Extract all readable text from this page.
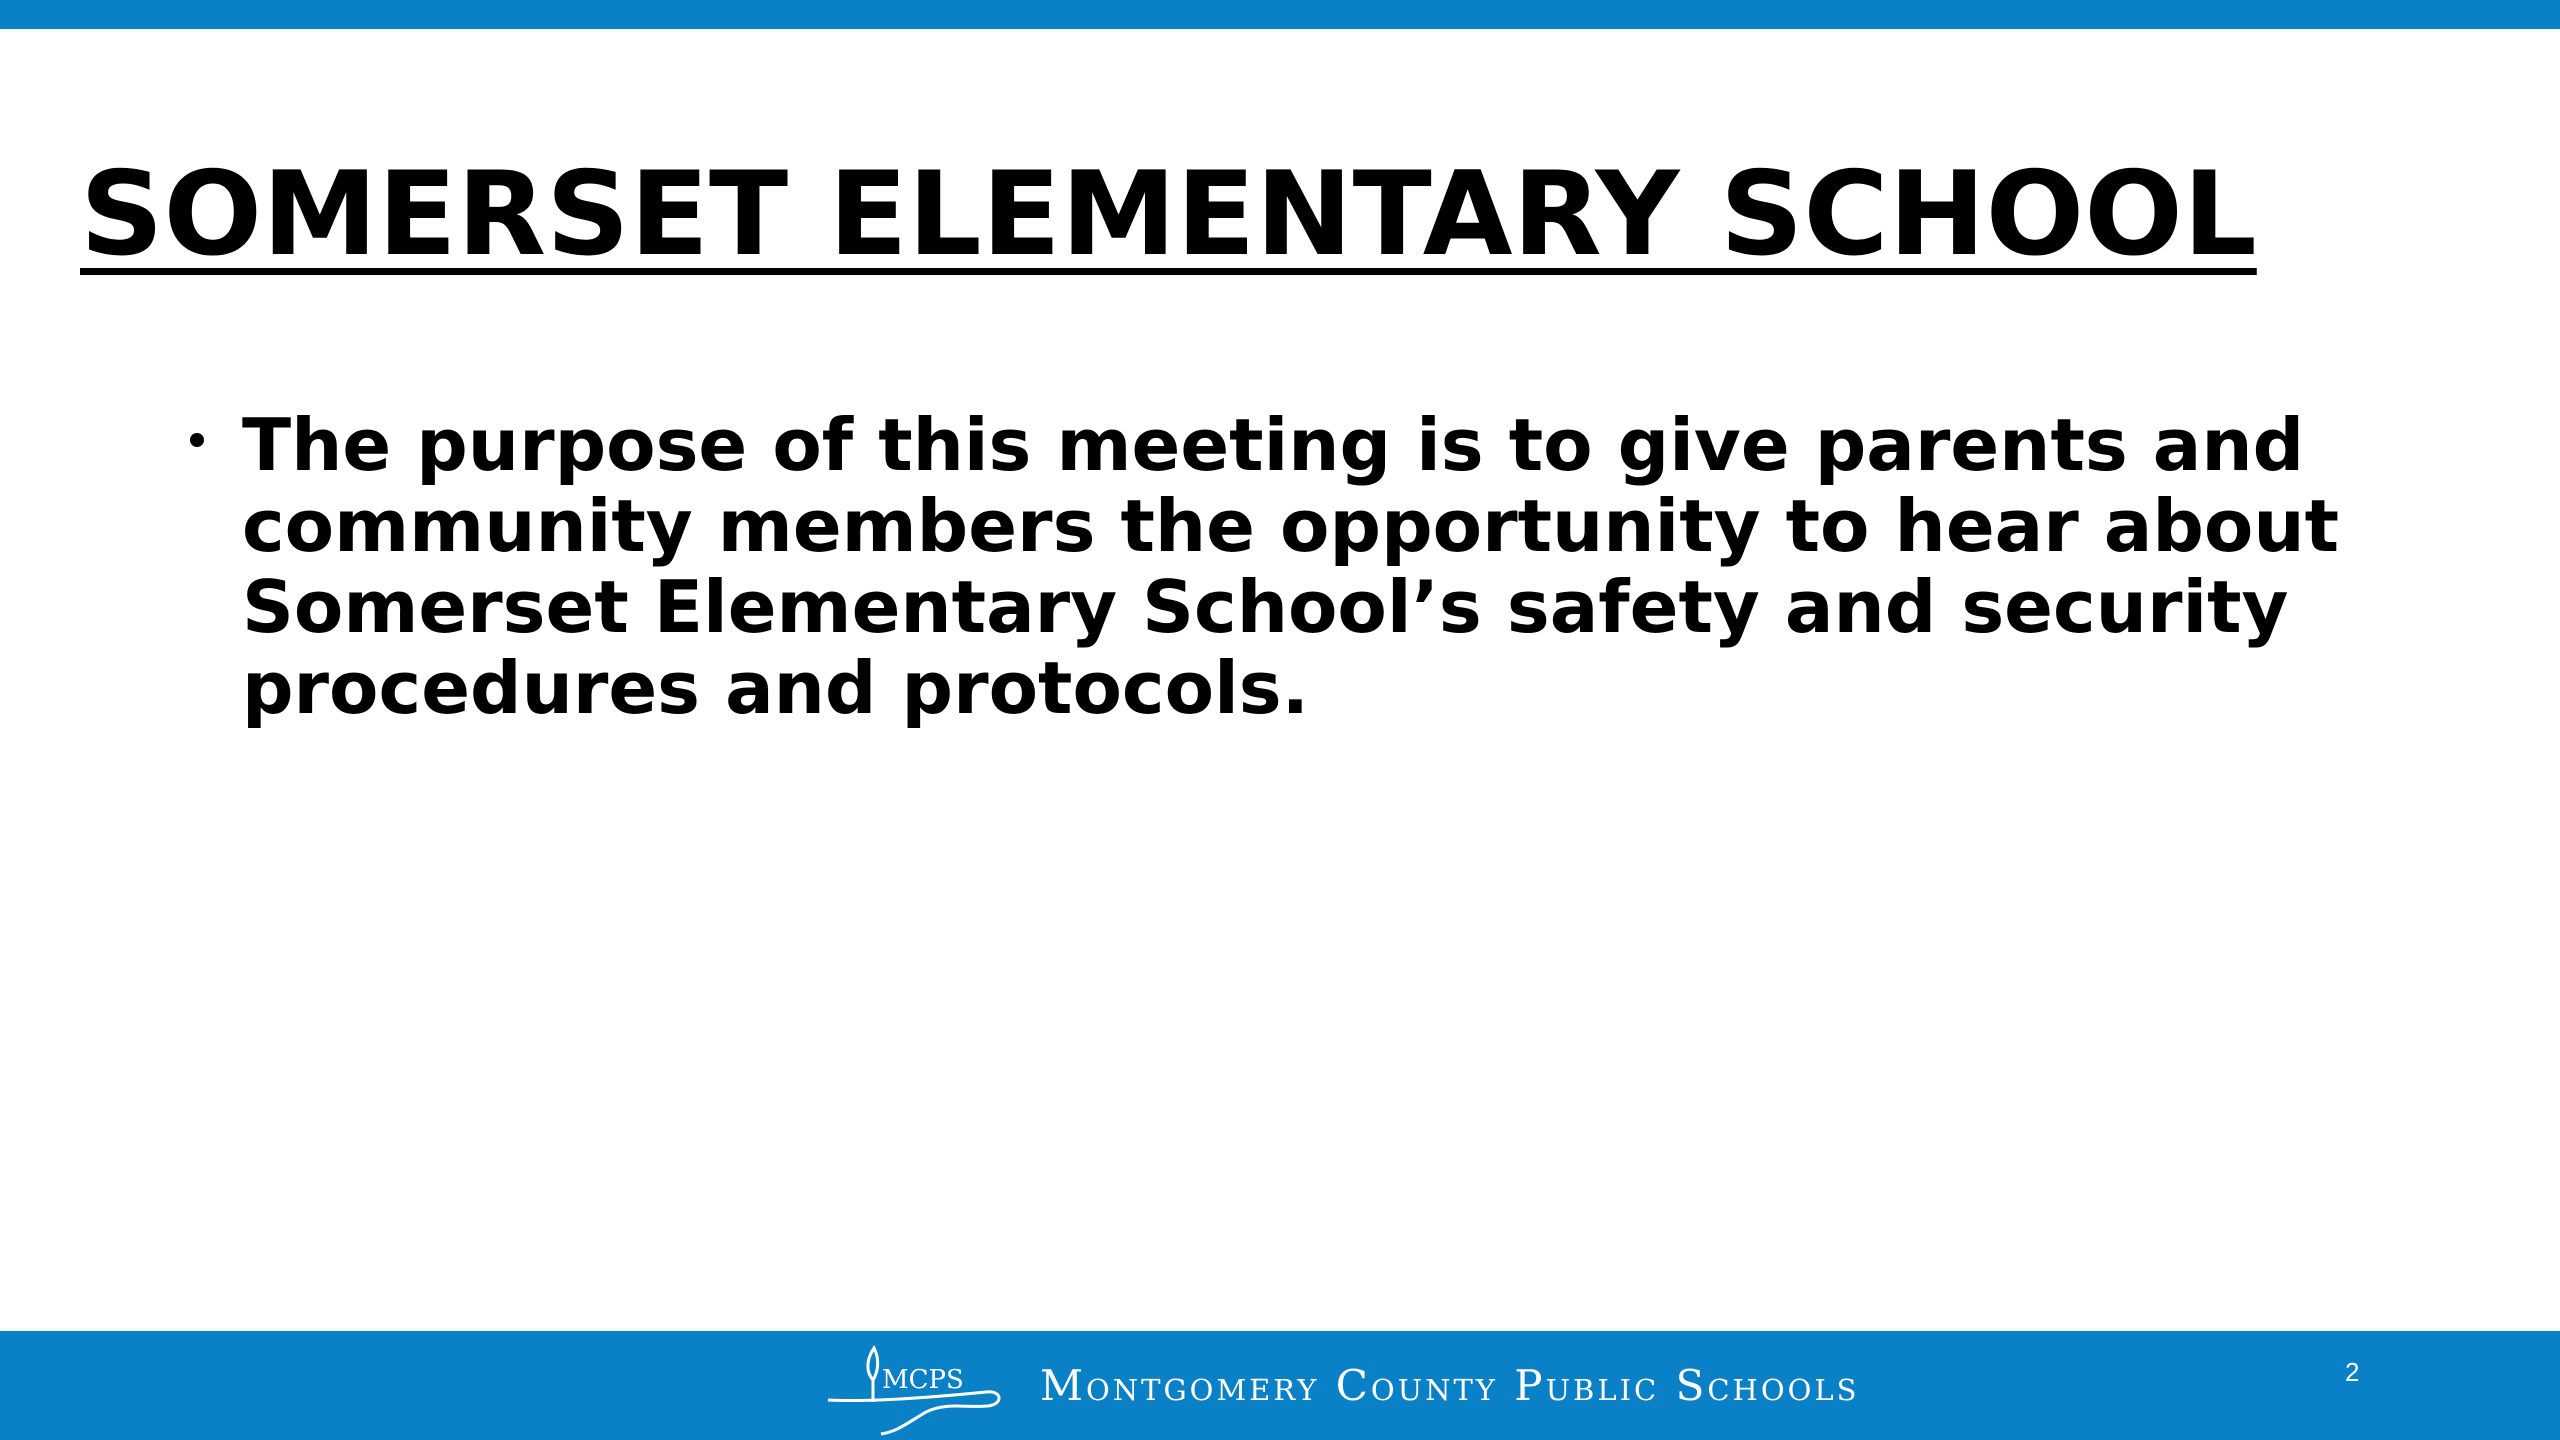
SOMERSET ELEMENTARY SCHOOL
The purpose of this meeting is to give parents and community members the opportunity to hear about Somerset Elementary School’s safety and security procedures and protocols.
MCPS Montgomery County Public Schools	2
